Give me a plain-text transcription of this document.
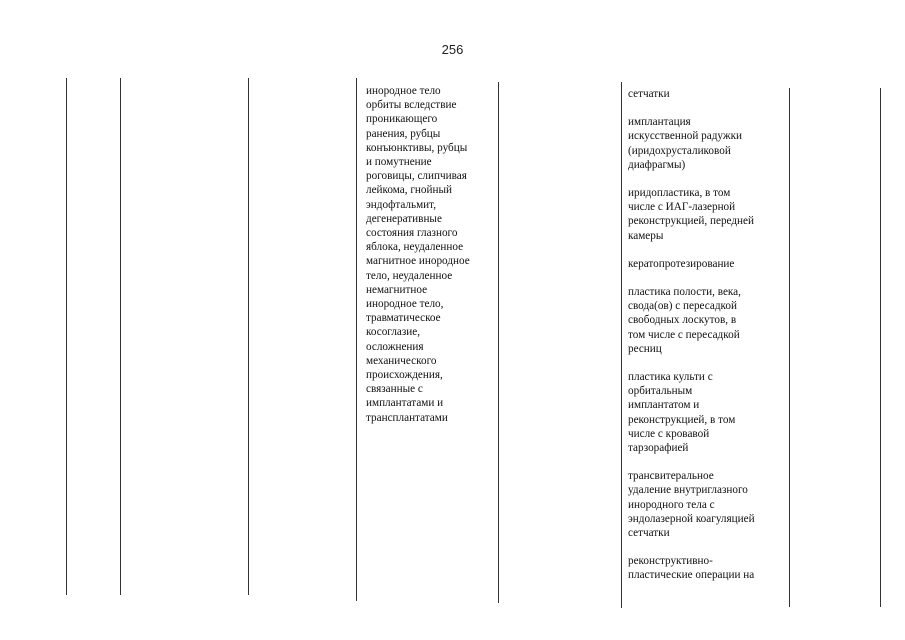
256
инородное тело
орбиты вследствие
проникающего
ранения, рубцы
конъюнктивы, рубцы
и помутнение
роговицы, слипчивая
лейкома, гнойный
эндофтальмит,
дегенеративные
состояния глазного
яблока, неудаленное
магнитное инородное
тело, неудаленное
немагнитное
инородное тело,
травматическое
косоглазие,
осложнения
механического
происхождения,
связанные с
имплантатами и
трансплантатами
сетчатки
имплантация
искусственной радужки
(иридохрусталиковой
диафрагмы)
иридопластика, в том
числе с ИАГ-лазерной
реконструкцией, передней
камеры
кератопротезирование
пластика полости, века,
свода(ов) с пересадкой
свободных лоскутов, в
том числе с пересадкой
ресниц
пластика культи с
орбитальным
имплантатом и
реконструкцией, в том
числе с кровавой
тарзорафией
трансвитеральное
удаление внутриглазного
инородного тела с
эндолазерной коагуляцией
сетчатки
реконструктивно-
пластические операции на
